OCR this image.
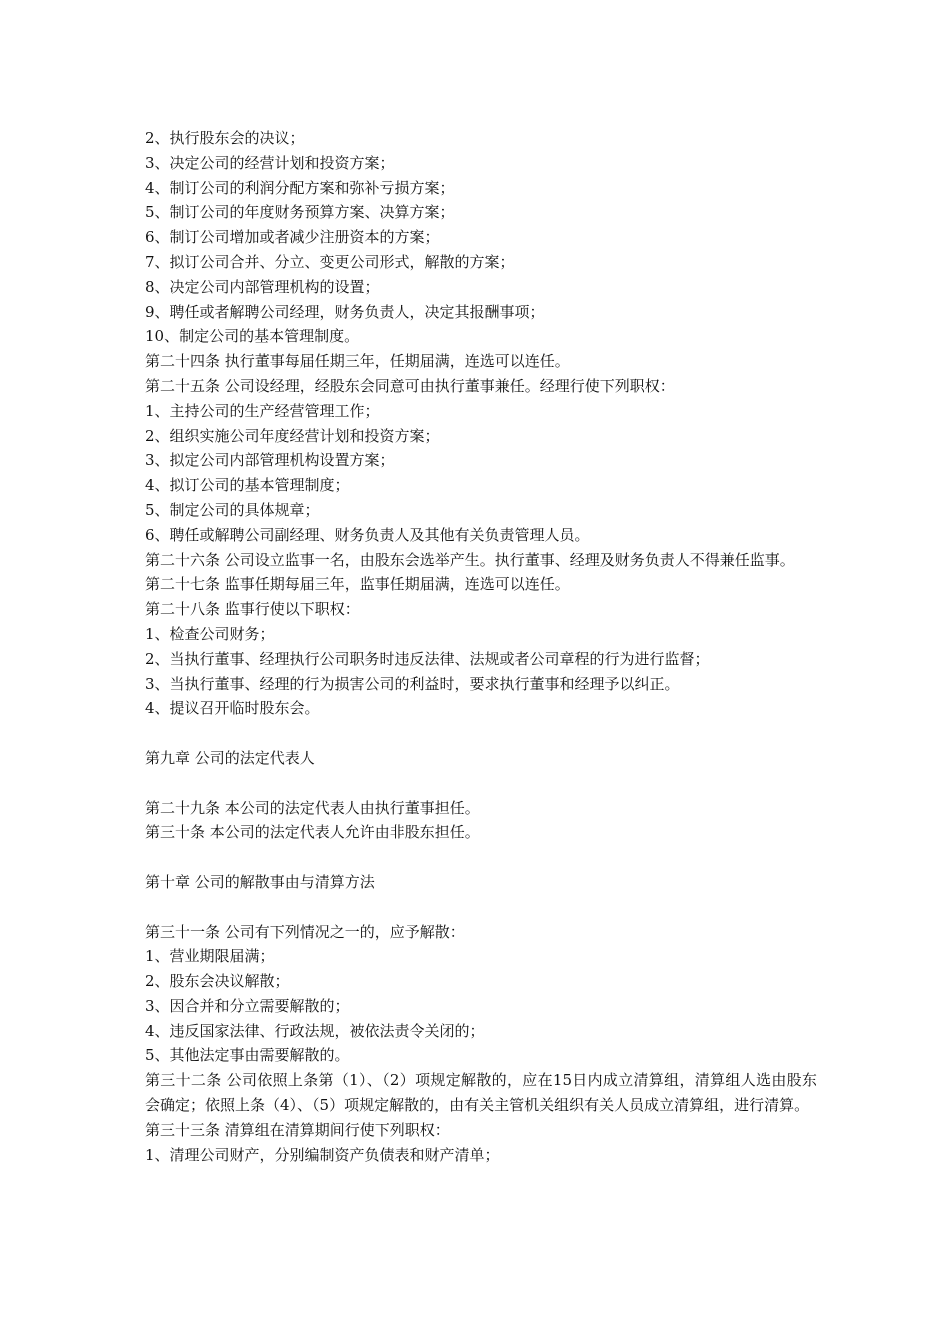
2、执行股东会的决议；
3、决定公司的经营计划和投资方案；
4、制订公司的利润分配方案和弥补亏损方案；
5、制订公司的年度财务预算方案、决算方案；
6、制订公司增加或者减少注册资本的方案；
7、拟订公司合并、分立、变更公司形式，解散的方案；
8、决定公司内部管理机构的设置；
9、聘任或者解聘公司经理，财务负责人，决定其报酬事项；
10、制定公司的基本管理制度。
第二十四条 执行董事每届任期三年，任期届满，连选可以连任。
第二十五条 公司设经理，经股东会同意可由执行董事兼任。经理行使下列职权：
1、主持公司的生产经营管理工作；
2、组织实施公司年度经营计划和投资方案；
3、拟定公司内部管理机构设置方案；
4、拟订公司的基本管理制度；
5、制定公司的具体规章；
6、聘任或解聘公司副经理、财务负责人及其他有关负责管理人员。
第二十六条 公司设立监事一名，由股东会选举产生。执行董事、经理及财务负责人不得兼任监事。
第二十七条 监事任期每届三年，监事任期届满，连选可以连任。
第二十八条 监事行使以下职权：
1、检查公司财务；
2、当执行董事、经理执行公司职务时违反法律、法规或者公司章程的行为进行监督；
3、当执行董事、经理的行为损害公司的利益时，要求执行董事和经理予以纠正。
4、提议召开临时股东会。
第九章 公司的法定代表人
第二十九条 本公司的法定代表人由执行董事担任。
第三十条 本公司的法定代表人允许由非股东担任。
第十章 公司的解散事由与清算方法
第三十一条 公司有下列情况之一的，应予解散：
1、营业期限届满；
2、股东会决议解散；
3、因合并和分立需要解散的；
4、违反国家法律、行政法规，被依法责令关闭的；
5、其他法定事由需要解散的。
第三十二条 公司依照上条第（1）、（2）项规定解散的，应在15日内成立清算组，清算组人选由股东会确定；依照上条（4）、（5）项规定解散的，由有关主管机关组织有关人员成立清算组，进行清算。
第三十三条 清算组在清算期间行使下列职权：
1、清理公司财产，分别编制资产负债表和财产清单；
